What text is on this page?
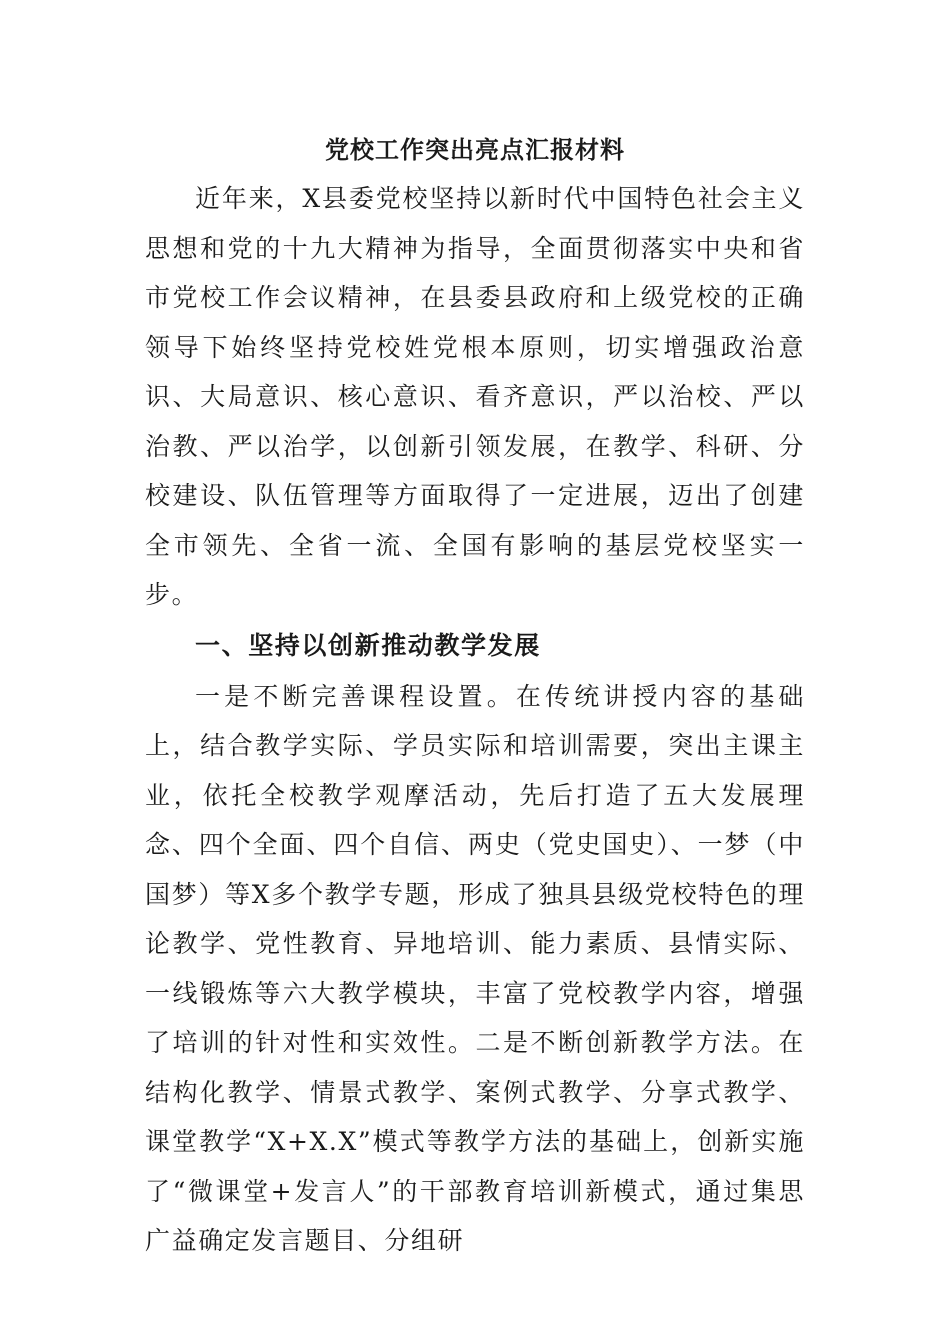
党校工作突出亮点汇报材料

近年来，X县委党校坚持以新时代中国特色社会主义思想和党的十九大精神为指导，全面贯彻落实中央和省市党校工作会议精神，在县委县政府和上级党校的正确领导下始终坚持党校姓党根本原则，切实增强政治意识、大局意识、核心意识、看齐意识，严以治校、严以治教、严以治学，以创新引领发展，在教学、科研、分校建设、队伍管理等方面取得了一定进展，迈出了创建全市领先、全省一流、全国有影响的基层党校坚实一步。

一、坚持以创新推动教学发展

一是不断完善课程设置。在传统讲授内容的基础上，结合教学实际、学员实际和培训需要，突出主课主业，依托全校教学观摩活动，先后打造了五大发展理念、四个全面、四个自信、两史（党史国史）、一梦（中国梦）等X多个教学专题，形成了独具县级党校特色的理论教学、党性教育、异地培训、能力素质、县情实际、一线锻炼等六大教学模块，丰富了党校教学内容，增强了培训的针对性和实效性。二是不断创新教学方法。在结构化教学、情景式教学、案例式教学、分享式教学、课堂教学“X+X.X”模式等教学方法的基础上，创新实施了“微课堂+发言人”的干部教育培训新模式，通过集思广益确定发言题目、分组研
